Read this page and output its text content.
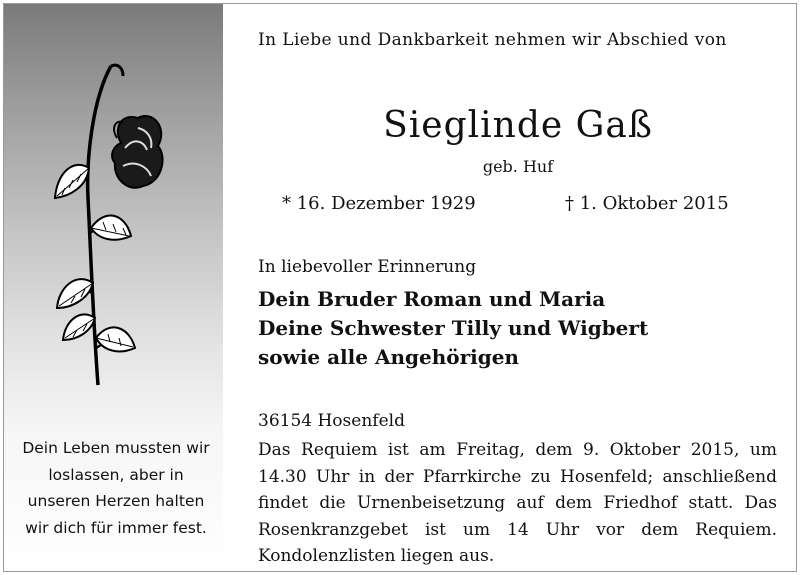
Dein Leben mussten wir loslassen, aber in unseren Herzen halten wir dich für immer fest.
In Liebe und Dankbarkeit nehmen wir Abschied von
Sieglinde Gaß
geb. Huf
* 16. Dezember 1929	† 1. Oktober 2015
In liebevoller Erinnerung
Dein Bruder Roman und Maria
Deine Schwester Tilly und Wigbert
sowie alle Angehörigen
36154 Hosenfeld
Das Requiem ist am Freitag, dem 9. Oktober 2015, um 14.30 Uhr in der Pfarrkirche zu Hosenfeld; anschließend findet die Urnenbeisetzung auf dem Friedhof statt. Das Rosenkranzgebet ist um 14 Uhr vor dem Requiem. Kondolenzlisten liegen aus.
